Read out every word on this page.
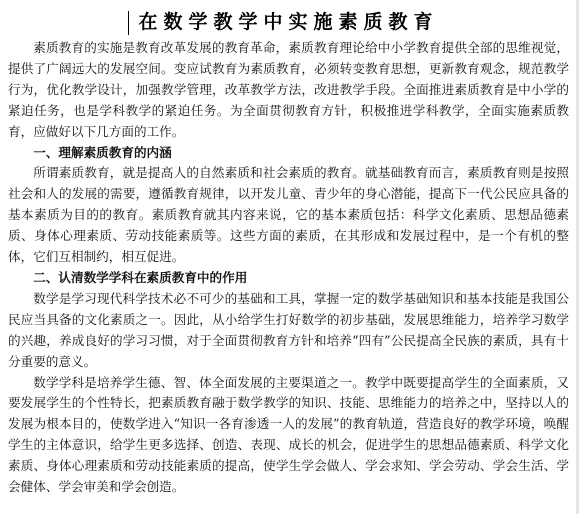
在数学教学中实施素质教育

素质教育的实施是教育改革发展的教育革命，素质教育理论给中小学教育提供全部的思维视觉，提供了广阔远大的发展空间。变应试教育为素质教育，必须转变教育思想，更新教育观念，规范教学行为，优化教学设计，加强教学管理，改革教学方法，改进教学手段。全面推进素质教育是中小学的紧迫任务，也是学科教学的紧迫任务。为全面贯彻教育方针，积极推进学科教学，全面实施素质教育，应做好以下几方面的工作。

一、理解素质教育的内涵

所谓素质教育，就是提高人的自然素质和社会素质的教育。就基础教育而言，素质教育则是按照社会和人的发展的需要，遵循教育规律，以开发儿童、青少年的身心潜能，提高下一代公民应具备的基本素质为目的的教育。素质教育就其内容来说，它的基本素质包括：科学文化素质、思想品德素质、身体心理素质、劳动技能素质等。这些方面的素质，在其形成和发展过程中，是一个有机的整体，它们互相制约，相互促进。

二、认清数学学科在素质教育中的作用

数学是学习现代科学技术必不可少的基础和工具，掌握一定的数学基础知识和基本技能是我国公民应当具备的文化素质之一。因此，从小给学生打好数学的初步基础，发展思维能力，培养学习数学的兴趣，养成良好的学习习惯，对于全面贯彻教育方针和培养“四有”公民提高全民族的素质，具有十分重要的意义。

数学学科是培养学生德、智、体全面发展的主要渠道之一。教学中既要提高学生的全面素质，又要发展学生的个性特长，把素质教育融于数学教学的知识、技能、思维能力的培养之中，坚持以人的发展为根本目的，使数学进入“知识一各育渗透一人的发展”的教育轨道，营造良好的教学环境，唤醒学生的主体意识，给学生更多选择、创造、表现、成长的机会，促进学生的思想品德素质、科学文化素质、身体心理素质和劳动技能素质的提高，使学生学会做人、学会求知、学会劳动、学会生活、学会健体、学会审美和学会创造。
